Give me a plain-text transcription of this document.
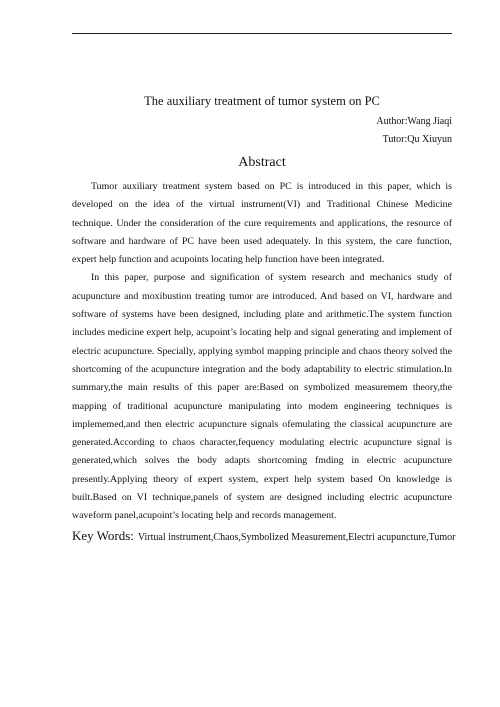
The auxiliary treatment of tumor system on PC
Author:Wang Jiaqi
Tutor:Qu Xiuyun
Abstract

Tumor auxiliary treatment system based on PC is introduced in this paper, which is developed on the idea of the virtual instrument(VI) and Traditional Chinese Medicine technique. Under the consideration of the cure requirements and applications, the resource of software and hardware of PC have been used adequately. In this system, the care function, expert help function and acupoints locating help function have been integrated.

In this paper, purpose and signification of system research and mechanics study of acupuncture and moxibustion treating tumor are introduced. And based on VI, hardware and software of systems have been designed, including plate and arithmetic.The system function includes medicine expert help, acupoint’s locating help and signal generating and implement of electric acupuncture. Specially, applying symbol mapping principle and chaos theory solved the shortcoming of the acupuncture integration and the body adaptability to electric stimulation.In summary,the main results of this paper are:Based on symbolized measuremem theory,the mapping of traditional acupuncture manipulating into modem engineering techniques is implememed,and then electric acupuncture signals ofemulating the classical acupuncture are generated.According to chaos character,fequency modulating electric acupuncture signal is generated,which solves the body adapts shortcoming fmding in electric acupuncture presently.Applying theory of expert system, expert help system based On knowledge is built.Based on VI technique,panels of system are designed including electric acupuncture waveform panel,acupoint’s locating help and records management.

Key Words: Virtual instrument,Chaos,Symbolized Measurement,Electri acupuncture,Tumor
